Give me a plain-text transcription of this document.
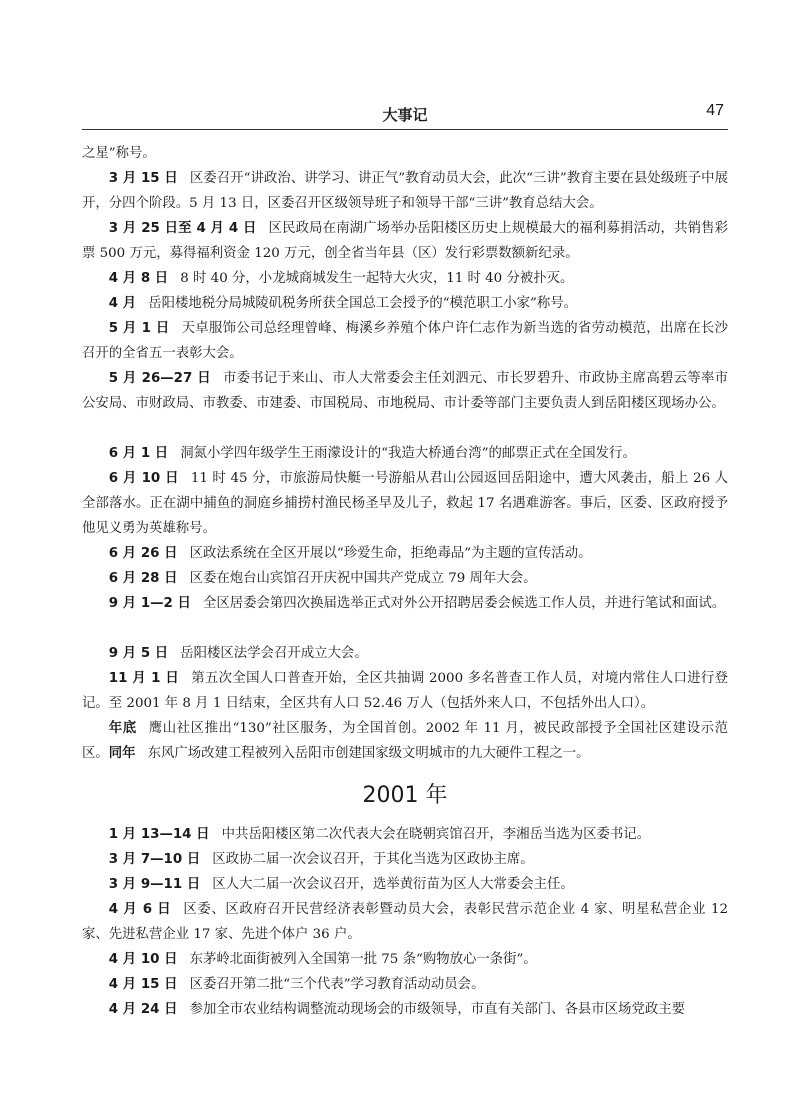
大事记	47

之星”称号。

3 月 15 日 区委召开“讲政治、讲学习、讲正气”教育动员大会，此次“三讲”教育主要在县处级班子中展开，分四个阶段。5 月 13 日，区委召开区级领导班子和领导干部“三讲”教育总结大会。

3 月 25 日至 4 月 4 日 区民政局在南湖广场举办岳阳楼区历史上规模最大的福利募捐活动，共销售彩票 500 万元，募得福利资金 120 万元，创全省当年县（区）发行彩票数额新纪录。

4 月 8 日 8 时 40 分，小龙城商城发生一起特大火灾，11 时 40 分被扑灭。

4 月 岳阳楼地税分局城陵矶税务所获全国总工会授予的“模范职工小家”称号。

5 月 1 日 天卓服饰公司总经理曾峰、梅溪乡养殖个体户许仁志作为新当选的省劳动模范，出席在长沙召开的全省五一表彰大会。

5 月 26—27 日 市委书记于来山、市人大常委会主任刘泗元、市长罗碧升、市政协主席高碧云等率市公安局、市财政局、市教委、市建委、市国税局、市地税局、市计委等部门主要负责人到岳阳楼区现场办公。

6 月 1 日 洞氮小学四年级学生王雨濛设计的“我造大桥通台湾”的邮票正式在全国发行。

6 月 10 日 11 时 45 分，市旅游局快艇一号游船从君山公园返回岳阳途中，遭大风袭击，船上 26 人全部落水。正在湖中捕鱼的洞庭乡捕捞村渔民杨圣早及儿子，救起 17 名遇难游客。事后，区委、区政府授予他见义勇为英雄称号。

6 月 26 日 区政法系统在全区开展以“珍爱生命，拒绝毒品”为主题的宣传活动。

6 月 28 日 区委在炮台山宾馆召开庆祝中国共产党成立 79 周年大会。

9 月 1—2 日 全区居委会第四次换届选举正式对外公开招聘居委会候选工作人员，并进行笔试和面试。

9 月 5 日 岳阳楼区法学会召开成立大会。

11 月 1 日 第五次全国人口普查开始，全区共抽调 2000 多名普查工作人员，对境内常住人口进行登记。至 2001 年 8 月 1 日结束，全区共有人口 52.46 万人（包括外来人口，不包括外出人口）。

年底 鹰山社区推出“130”社区服务，为全国首创。2002 年 11 月，被民政部授予全国社区建设示范区。 同年 东风广场改建工程被列入岳阳市创建国家级文明城市的九大硬件工程之一。

2001 年

1 月 13—14 日 中共岳阳楼区第二次代表大会在晓朝宾馆召开，李湘岳当选为区委书记。

3 月 7—10 日 区政协二届一次会议召开，于其化当选为区政协主席。

3 月 9—11 日 区人大二届一次会议召开，选举黄衍苗为区人大常委会主任。

4 月 6 日 区委、区政府召开民营经济表彰暨动员大会，表彰民营示范企业 4 家、明星私营企业 12 家、先进私营企业 17 家、先进个体户 36 户。

4 月 10 日 东茅岭北面街被列入全国第一批 75 条“购物放心一条街”。

4 月 15 日 区委召开第二批“三个代表”学习教育活动动员会。

4 月 24 日 参加全市农业结构调整流动现场会的市级领导，市直有关部门、各县市区场党政主要
